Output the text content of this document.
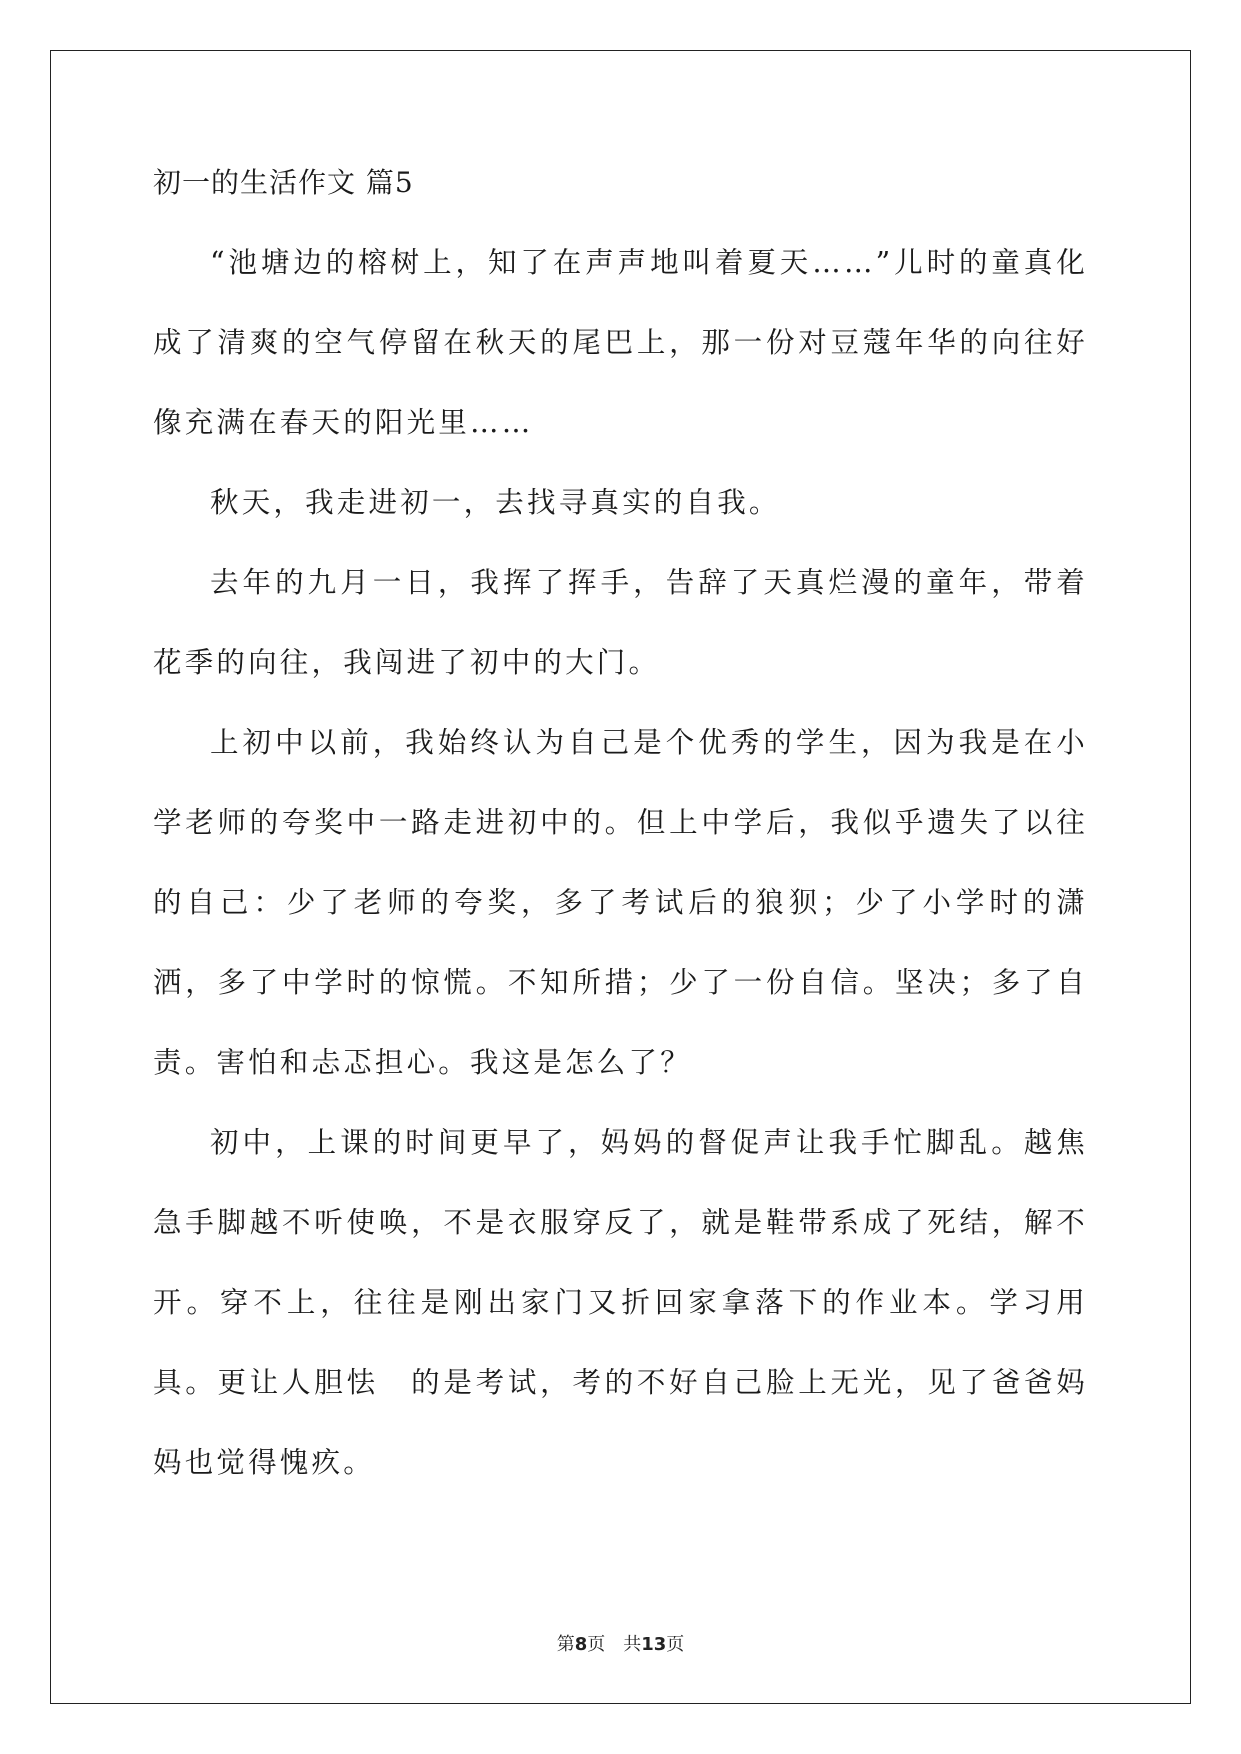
初一的生活作文 篇5

“池塘边的榕树上，知了在声声地叫着夏天……”儿时的童真化成了清爽的空气停留在秋天的尾巴上，那一份对豆蔻年华的向往好像充满在春天的阳光里……

秋天，我走进初一，去找寻真实的自我。

去年的九月一日，我挥了挥手，告辞了天真烂漫的童年，带着花季的向往，我闯进了初中的大门。

上初中以前，我始终认为自己是个优秀的学生，因为我是在小学老师的夸奖中一路走进初中的。但上中学后，我似乎遗失了以往的自己：少了老师的夸奖，多了考试后的狼狈；少了小学时的潇洒，多了中学时的惊慌。不知所措；少了一份自信。坚决；多了自责。害怕和忐忑担心。我这是怎么了？

初中，上课的时间更早了，妈妈的督促声让我手忙脚乱。越焦急手脚越不听使唤，不是衣服穿反了，就是鞋带系成了死结，解不开。穿不上，往往是刚出家门又折回家拿落下的作业本。学习用具。更让人胆怯　的是考试，考的不好自己脸上无光，见了爸爸妈妈也觉得愧疚。

第8页 共13页
